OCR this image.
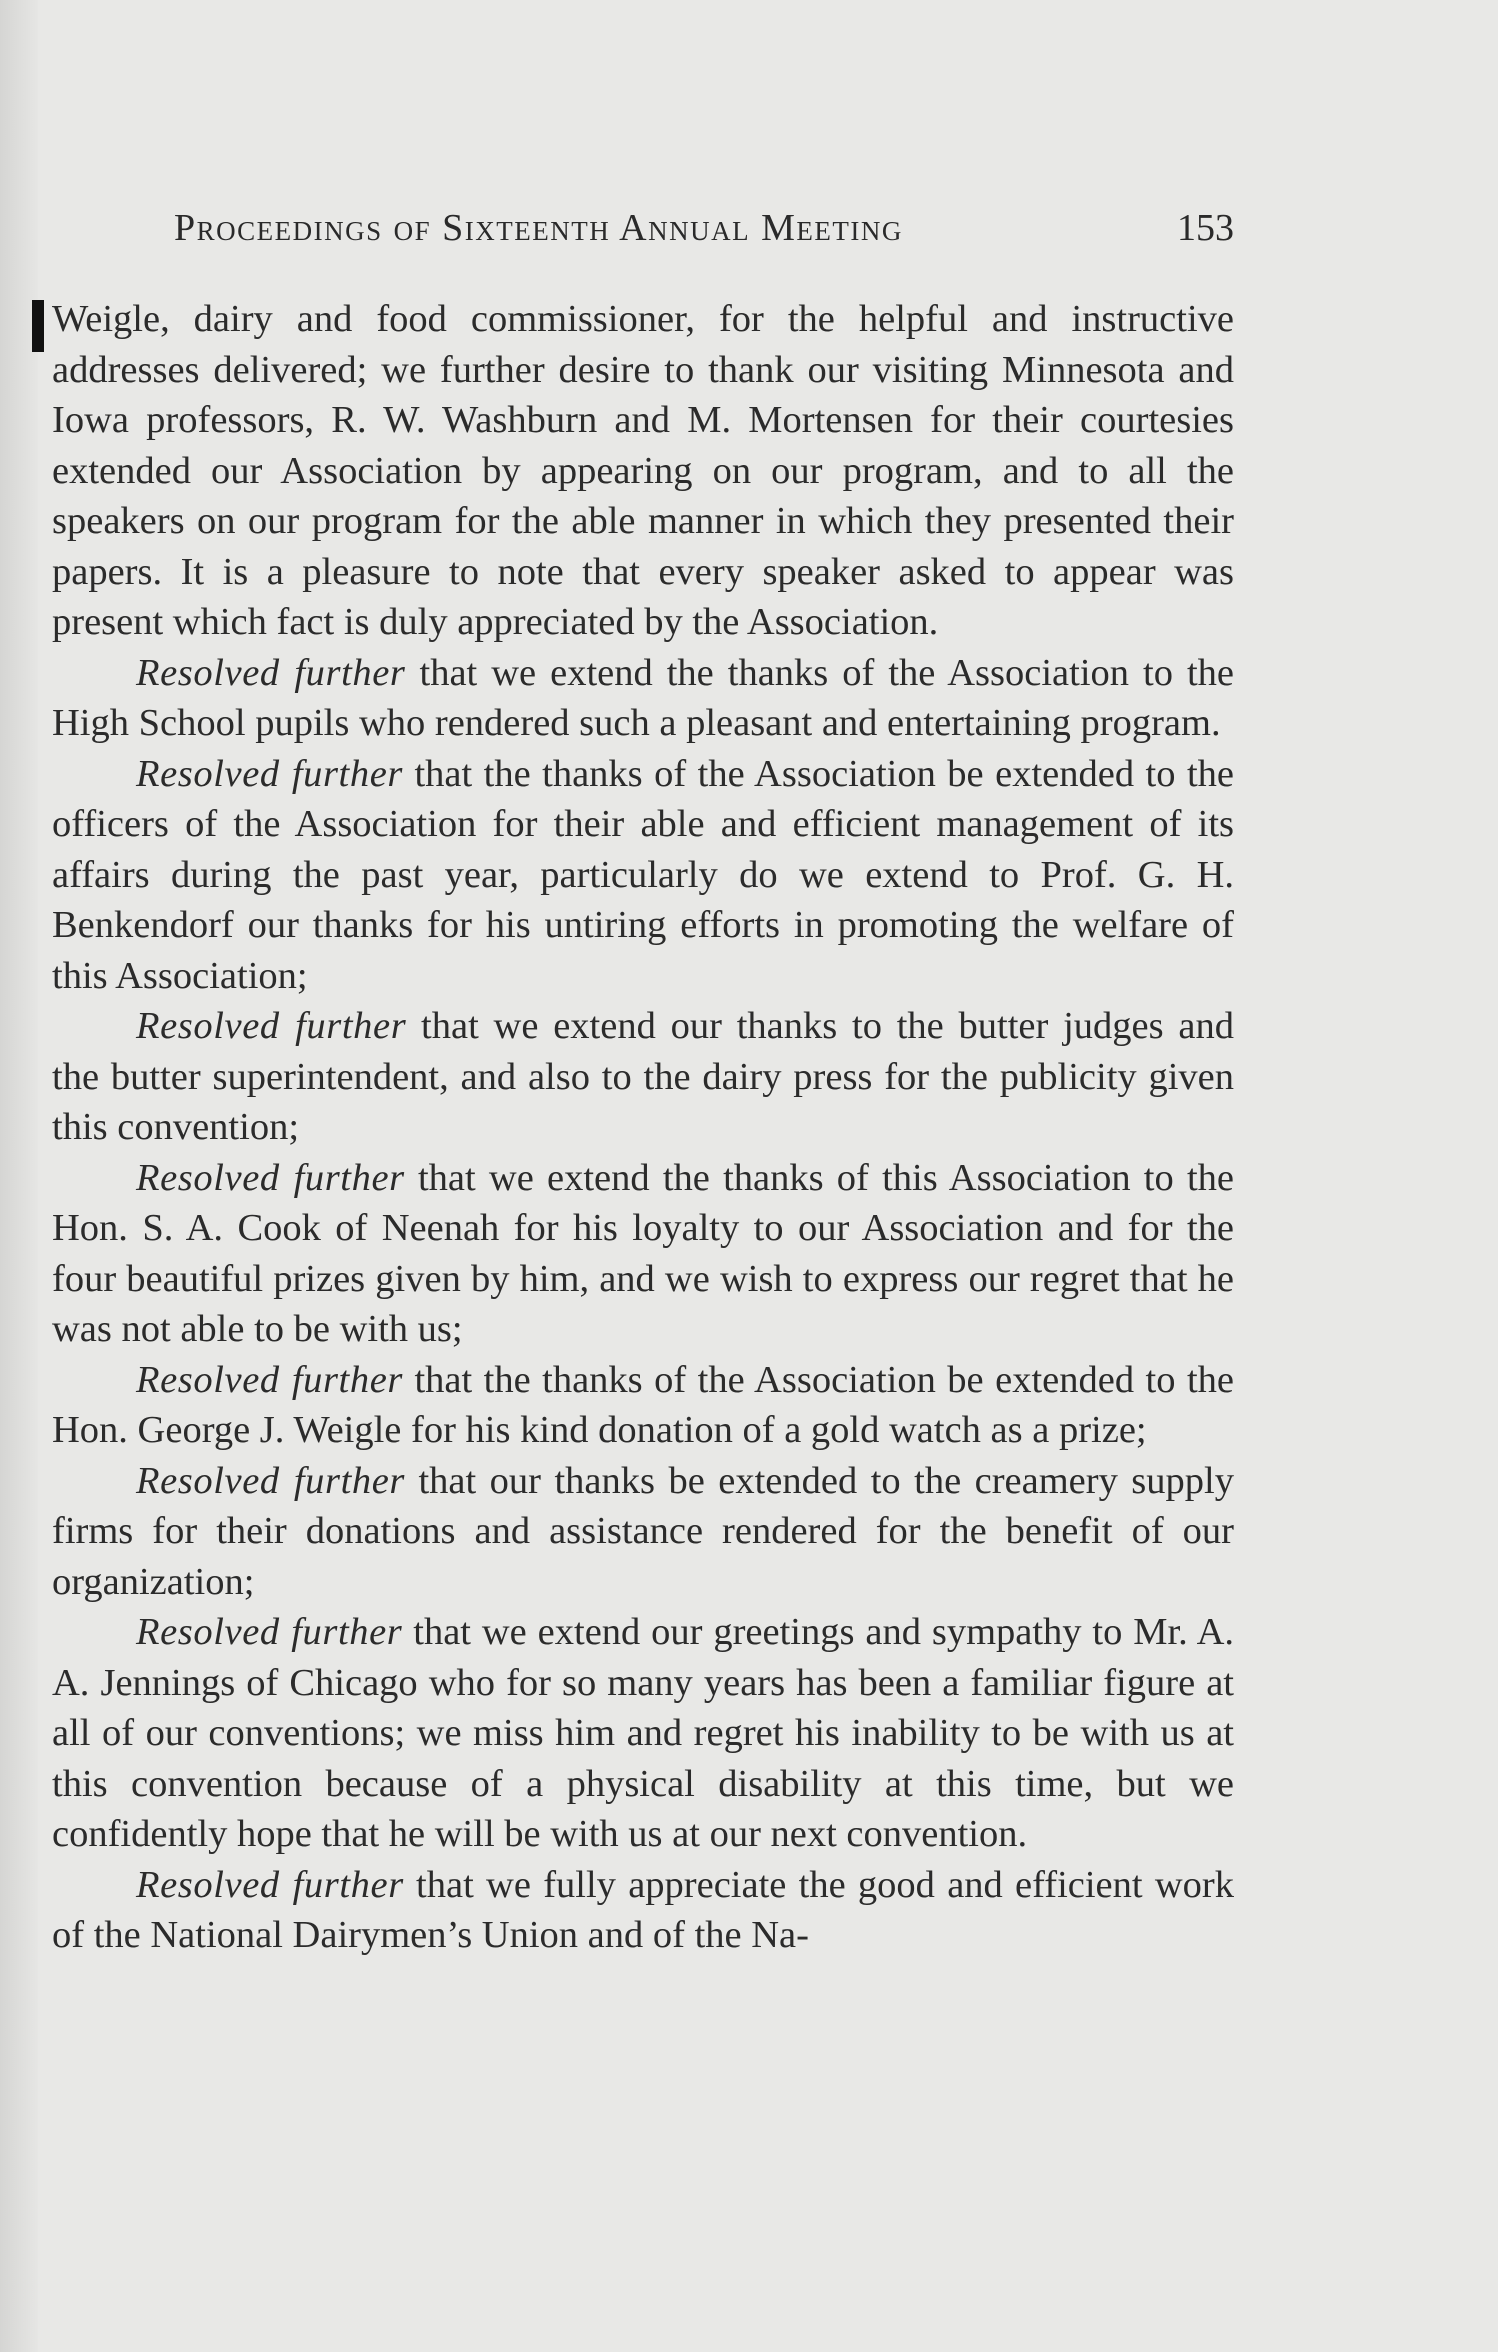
Proceedings of Sixteenth Annual Meeting	153

Weigle, dairy and food commissioner, for the helpful and instructive addresses delivered; we further desire to thank our visiting Minnesota and Iowa professors, R. W. Washburn and M. Mortensen for their courtesies extended our Association by appearing on our program, and to all the speakers on our program for the able manner in which they presented their papers. It is a pleasure to note that every speaker asked to appear was present which fact is duly appreciated by the Association.

Resolved further that we extend the thanks of the Association to the High School pupils who rendered such a pleasant and entertaining program.

Resolved further that the thanks of the Association be extended to the officers of the Association for their able and efficient management of its affairs during the past year, particularly do we extend to Prof. G. H. Benkendorf our thanks for his untiring efforts in promoting the welfare of this Association;

Resolved further that we extend our thanks to the butter judges and the butter superintendent, and also to the dairy press for the publicity given this convention;

Resolved further that we extend the thanks of this Association to the Hon. S. A. Cook of Neenah for his loyalty to our Association and for the four beautiful prizes given by him, and we wish to express our regret that he was not able to be with us;

Resolved further that the thanks of the Association be extended to the Hon. George J. Weigle for his kind donation of a gold watch as a prize;

Resolved further that our thanks be extended to the creamery supply firms for their donations and assistance rendered for the benefit of our organization;

Resolved further that we extend our greetings and sympathy to Mr. A. A. Jennings of Chicago who for so many years has been a familiar figure at all of our conventions; we miss him and regret his inability to be with us at this convention because of a physical disability at this time, but we confidently hope that he will be with us at our next convention.

Resolved further that we fully appreciate the good and efficient work of the National Dairymen’s Union and of the Na-
